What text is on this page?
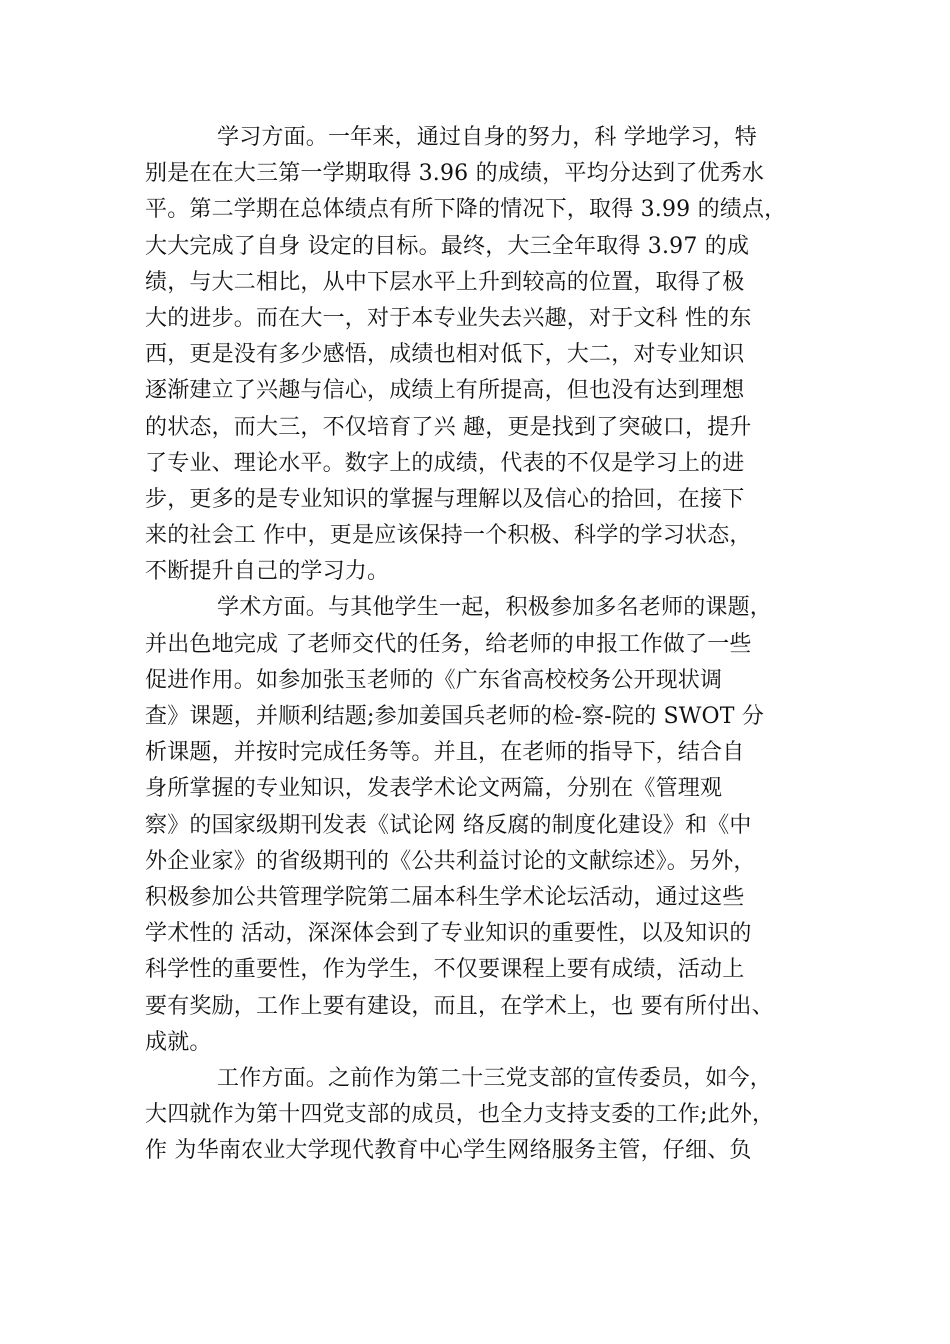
学习方面。一年来，通过自身的努力，科 学地学习，特
别是在在大三第一学期取得 3.96 的成绩，平均分达到了优秀水
平。第二学期在总体绩点有所下降的情况下，取得 3.99 的绩点，
大大完成了自身 设定的目标。最终，大三全年取得 3.97 的成
绩，与大二相比，从中下层水平上升到较高的位置，取得了极
大的进步。而在大一，对于本专业失去兴趣，对于文科 性的东
西，更是没有多少感悟，成绩也相对低下，大二，对专业知识
逐渐建立了兴趣与信心，成绩上有所提高，但也没有达到理想
的状态，而大三，不仅培育了兴 趣，更是找到了突破口，提升
了专业、理论水平。数字上的成绩，代表的不仅是学习上的进
步，更多的是专业知识的掌握与理解以及信心的拾回，在接下
来的社会工 作中，更是应该保持一个积极、科学的学习状态，
不断提升自己的学习力。
学术方面。与其他学生一起，积极参加多名老师的课题，
并出色地完成 了老师交代的任务，给老师的申报工作做了一些
促进作用。如参加张玉老师的《广东省高校校务公开现状调
查》课题，并顺利结题;参加姜国兵老师的检-察-院的 SWOT 分
析课题，并按时完成任务等。并且，在老师的指导下，结合自
身所掌握的专业知识，发表学术论文两篇，分别在《管理观
察》的国家级期刊发表《试论网 络反腐的制度化建设》和《中
外企业家》的省级期刊的《公共利益讨论的文献综述》。另外，
积极参加公共管理学院第二届本科生学术论坛活动，通过这些
学术性的 活动，深深体会到了专业知识的重要性，以及知识的
科学性的重要性，作为学生，不仅要课程上要有成绩，活动上
要有奖励，工作上要有建设，而且，在学术上，也 要有所付出、
成就。
工作方面。之前作为第二十三党支部的宣传委员，如今，
大四就作为第十四党支部的成员，也全力支持支委的工作;此外，
作 为华南农业大学现代教育中心学生网络服务主管，仔细、负
